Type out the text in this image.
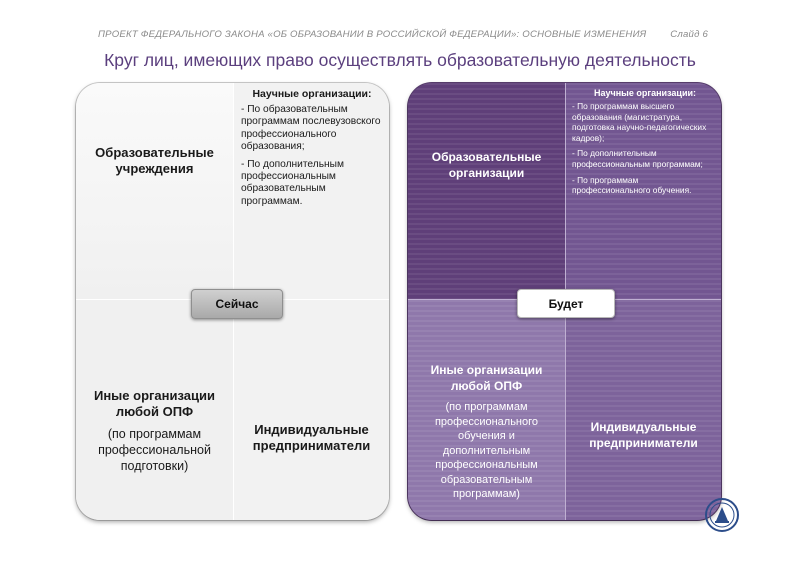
ПРОЕКТ ФЕДЕРАЛЬНОГО ЗАКОНА «ОБ ОБРАЗОВАНИИ В РОССИЙСКОЙ ФЕДЕРАЦИИ»: ОСНОВНЫЕ ИЗМЕНЕНИЯ Слайд 6
Круг лиц, имеющих право осуществлять образовательную деятельность
Образовательные учреждения
Научные организации:
- По образовательным программам послевузовского профессионального образования;
- По дополнительным профессиональным образовательным программам.
Иные организации любой ОПФ
(по программам профессиональной подготовки)
Индивидуальные предприниматели
Образовательные организации
Научные организации:
- По программам высшего образования (магистратура, подготовка научно-педагогических кадров);
- По дополнительным профессиональным программам;
- По программам профессионального обучения.
Иные организации любой ОПФ
(по программам профессионального обучения и дополнительным профессиональным образовательным программам)
Индивидуальные предприниматели
Сейчас	Будет
